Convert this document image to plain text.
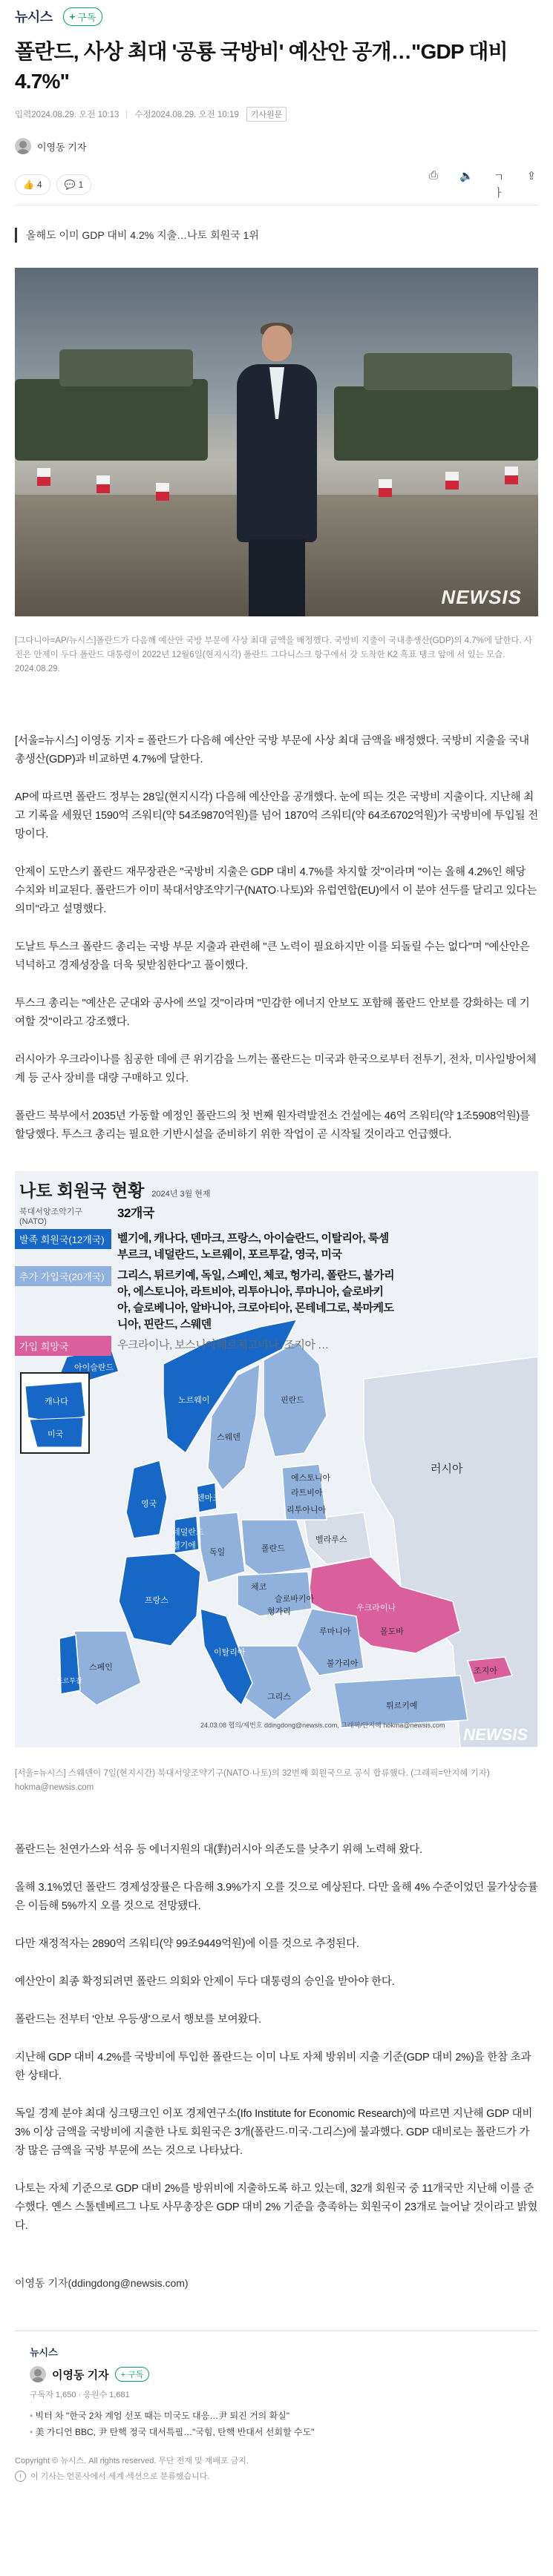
뉴시스 + 구독
폴란드, 사상 최대 '공룡 국방비' 예산안 공개…"GDP 대비 4.7%"
입력2024.08.29. 오전 10:13 수정2024.08.29. 오전 10:19	기사원문
이영동 기자
👍 4	💬 1
⎙ 🔈 ㄱㅏ
⇪
올해도 이미 GDP 대비 4.2% 지출…나토 회원국 1위
NEWSIS
[그다니아=AP/뉴시스]폴란드가 다음해 예산안 국방 부문에 사상 최대 금액을 배정했다. 국방비 지출이 국내총생산(GDP)의 4.7%에 달한다. 사진은 안제이 두다 폴란드 대통령이 2022년 12월6일(현지시각) 폴란드 그다니스크 항구에서 갓 도착한 K2 흑표 탱크 앞에 서 있는 모습. 2024.08.29.

[서울=뉴시스] 이영동 기자 = 폴란드가 다음해 예산안 국방 부문에 사상 최대 금액을 배정했다. 국방비 지출을 국내총생산(GDP)과 비교하면 4.7%에 달한다.

AP에 따르면 폴란드 정부는 28일(현지시각) 다음해 예산안을 공개했다. 눈에 띄는 것은 국방비 지출이다. 지난해 최고 기록을 세웠던 1590억 즈워티(약 54조9870억원)를 넘어 1870억 즈워티(약 64조6702억원)가 국방비에 투입될 전망이다.

안제이 도만스키 폴란드 재무장관은 "국방비 지출은 GDP 대비 4.7%를 차지할 것"이라며 "이는 올해 4.2%인 해당 수치와 비교된다. 폴란드가 이미 북대서양조약기구(NATO·나토)와 유럽연합(EU)에서 이 분야 선두를 달리고 있다는 의미"라고 설명했다.

도날트 투스크 폴란드 총리는 국방 부문 지출과 관련해 "큰 노력이 필요하지만 이를 되돌릴 수는 없다"며 "예산안은 넉넉하고 경제성장을 더욱 뒷받침한다"고 풀이했다.

투스크 총리는 "예산은 군대와 공사에 쓰일 것"이라며 "민감한 에너지 안보도 포함해 폴란드 안보를 강화하는 데 기여할 것"이라고 강조했다.

러시아가 우크라이나를 침공한 데에 큰 위기감을 느끼는 폴란드는 미국과 한국으로부터 전투기, 전차, 미사일방어체계 등 군사 장비를 대량 구매하고 있다.

폴란드 북부에서 2035년 가동할 예정인 폴란드의 첫 번째 원자력발전소 건설에는 46억 즈워티(약 1조5908억원)를 할당했다. 투스크 총리는 필요한 기반시설을 준비하기 위한 작업이 곧 시작될 것이라고 언급했다.

나토 회원국 현황 2024년 3월 현재
북대서양조약기구(NATO)
32개국
발족 회원국(12개국)	벨기에, 캐나다, 덴마크, 프랑스, 아이슬란드, 이탈리아, 룩셈부르크, 네덜란드, 노르웨이, 포르투갈, 영국, 미국
추가 가입국(20개국)	그리스, 튀르키예, 독일, 스페인, 체코, 헝가리, 폴란드, 불가리아, 에스토니아, 라트비아, 리투아니아, 루마니아, 슬로바키아, 슬로베니아, 알바니아, 크로아티아, 몬테네그로, 북마케도니아, 핀란드, 스웨덴
가입 희망국	우크라이나, 보스니아헤르체고비나, 조지아 …
캐나다
미국
아이슬란드
노르웨이
스웨덴
핀란드
에스토니아
라트비아
리투아니아
벨라루스
러시아
우크라이나
폴란드
독일
영국
덴마크
네덜란드
벨기에
프랑스
체코
슬로바키아
헝가리
루마니아
불가리아
몰도바
튀르키예
조지아
그리스
이탈리아
스페인
포르투갈
24.03.08 협의/제번호 ddingdong@newsis.com, 그래픽/안지혜 hokma@newsis.com NEWSIS
[서울=뉴시스] 스웨덴이 7일(현지시간) 북대서양조약기구(NATO·나토)의 32번째 회원국으로 공식 합류했다. (그래픽=안지혜 기자) hokma@newsis.com

폴란드는 천연가스와 석유 등 에너지원의 대(對)러시아 의존도를 낮추기 위해 노력해 왔다.

올해 3.1%였던 폴란드 경제성장률은 다음해 3.9%가지 오를 것으로 예상된다. 다만 올해 4% 수준이었던 물가상승률은 이듬해 5%까지 오를 것으로 전망됐다.

다만 재정적자는 2890억 즈워티(약 99조9449억원)에 이를 것으로 추정된다.

예산안이 최종 확정되려면 폴란드 의회와 안제이 두다 대통령의 승인을 받아야 한다.

폴란드는 전부터 '안보 우등생'으로서 행보를 보여왔다.

지난해 GDP 대비 4.2%를 국방비에 투입한 폴란드는 이미 나토 자체 방위비 지출 기준(GDP 대비 2%)을 한참 초과한 상태다.

독일 경제 분야 최대 싱크탱크인 이포 경제연구소(Ifo Institute for Economic Research)에 따르면 지난해 GDP 대비 3% 이상 금액을 국방비에 지출한 나토 회원국은 3개(폴란드·미국·그리스)에 불과했다. GDP 대비로는 폴란드가 가장 많은 금액을 국방 부문에 쓰는 것으로 나타났다.

나토는 자체 기준으로 GDP 대비 2%를 방위비에 지출하도록 하고 있는데, 32개 회원국 중 11개국만 지난해 이를 준수했다. 옌스 스톨텐베르그 나토 사무총장은 GDP 대비 2% 기준을 충족하는 회원국이 23개로 늘어날 것이라고 밝혔다.

이영동 기자(ddingdong@newsis.com)
뉴시스
이영동 기자	+ 구독
구독자 1,650 · 응원수 1,681
• 빅터 차 "한국 2차 계엄 선포 때는 미국도 대응…尹 퇴진 거의 확실"
• 美 가디언 BBC, 尹 탄핵 정국 대서특필…"국힘, 탄핵 반대서 선회할 수도"
Copyright © 뉴시스. All rights reserved. 무단 전재 및 재배포 금지.
i	이 기사는 언론사에서 세계 섹션으로 분류했습니다.
